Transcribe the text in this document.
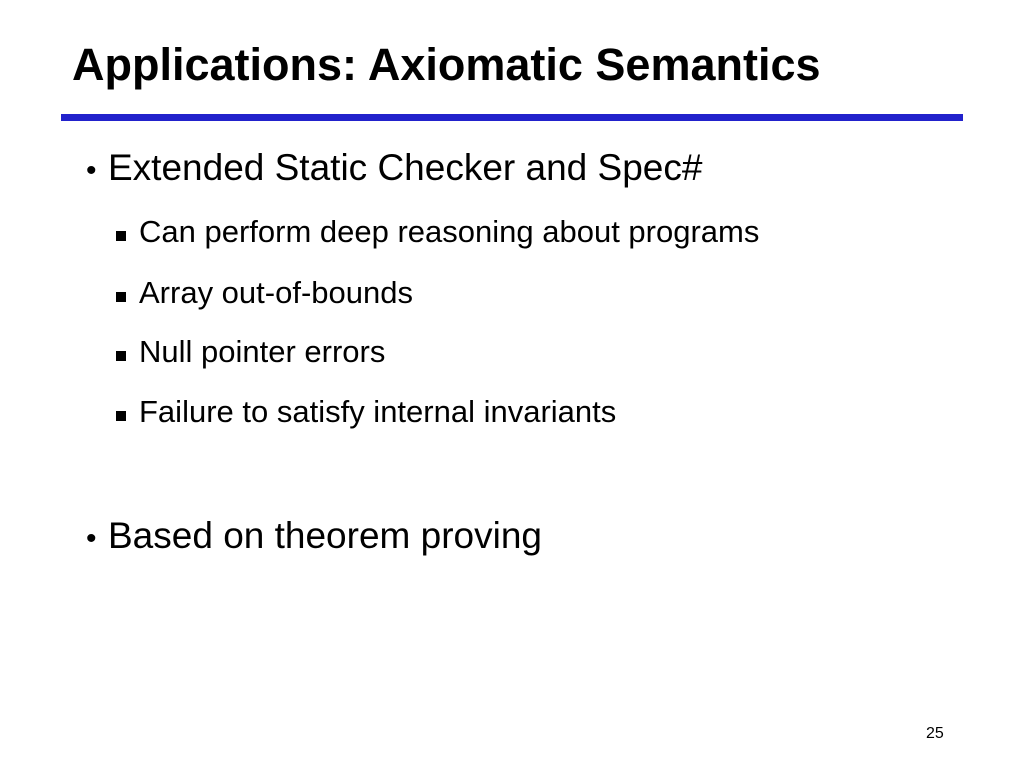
Applications: Axiomatic Semantics
• Extended Static Checker and Spec#
Can perform deep reasoning about programs
Array out-of-bounds
Null pointer errors
Failure to satisfy internal invariants
• Based on theorem proving
25
